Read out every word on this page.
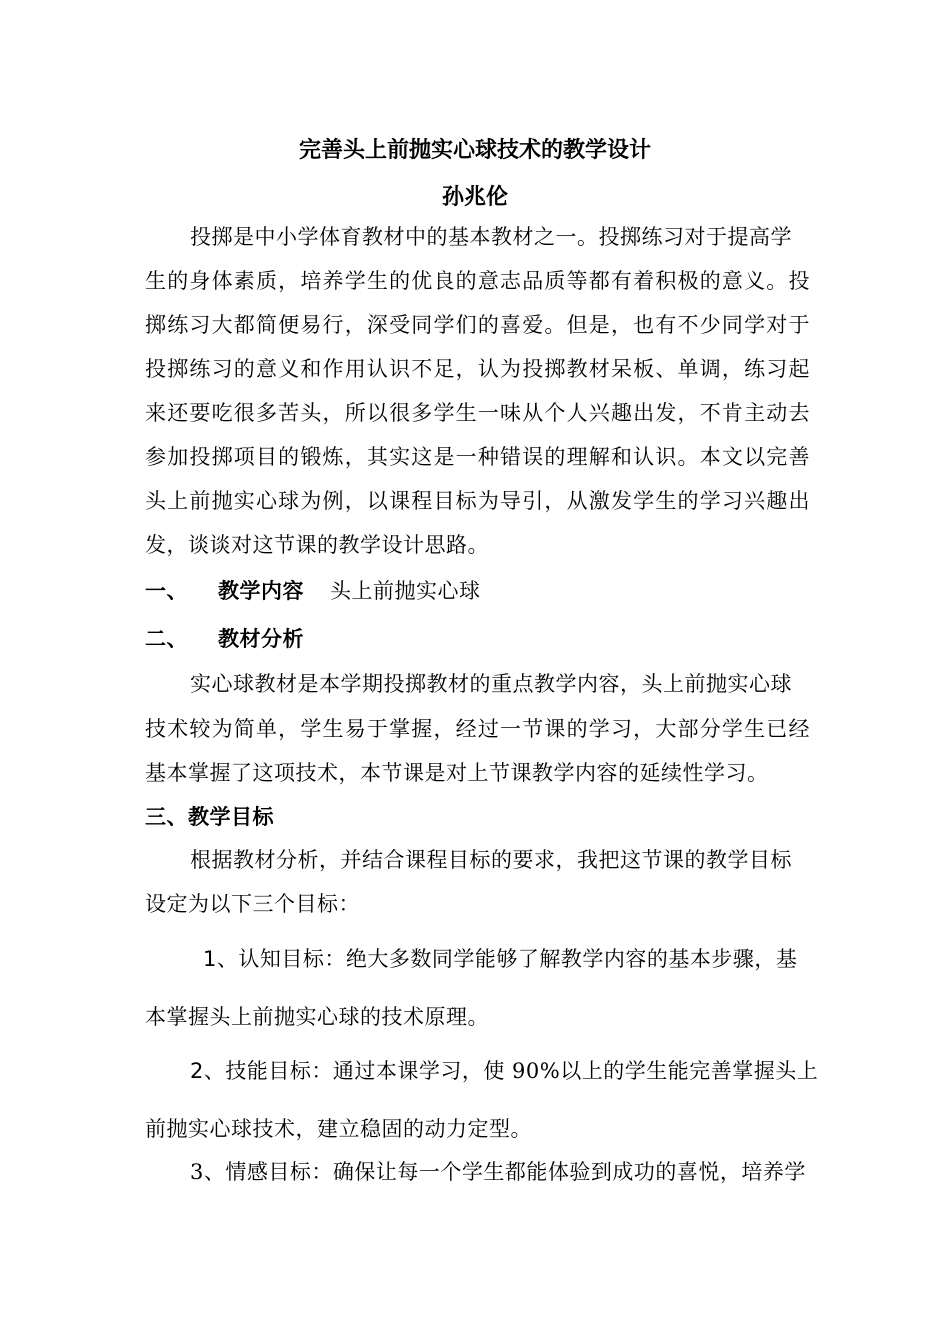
完善头上前抛实心球技术的教学设计
孙兆伦
投掷是中小学体育教材中的基本教材之一。投掷练习对于提高学
生的身体素质，培养学生的优良的意志品质等都有着积极的意义。投
掷练习大都简便易行，深受同学们的喜爱。但是，也有不少同学对于
投掷练习的意义和作用认识不足，认为投掷教材呆板、单调，练习起
来还要吃很多苦头，所以很多学生一味从个人兴趣出发，不肯主动去
参加投掷项目的锻炼，其实这是一种错误的理解和认识。本文以完善
头上前抛实心球为例，以课程目标为导引，从激发学生的学习兴趣出
发，谈谈对这节课的教学设计思路。
一、 教学内容 头上前抛实心球
二、 教材分析
实心球教材是本学期投掷教材的重点教学内容，头上前抛实心球
技术较为简单，学生易于掌握，经过一节课的学习，大部分学生已经
基本掌握了这项技术，本节课是对上节课教学内容的延续性学习。
三、教学目标
根据教材分析，并结合课程目标的要求，我把这节课的教学目标
设定为以下三个目标：
1、认知目标：绝大多数同学能够了解教学内容的基本步骤，基
本掌握头上前抛实心球的技术原理。
2、技能目标：通过本课学习，使 90%以上的学生能完善掌握头上
前抛实心球技术，建立稳固的动力定型。
3、情感目标：确保让每一个学生都能体验到成功的喜悦，培养学
